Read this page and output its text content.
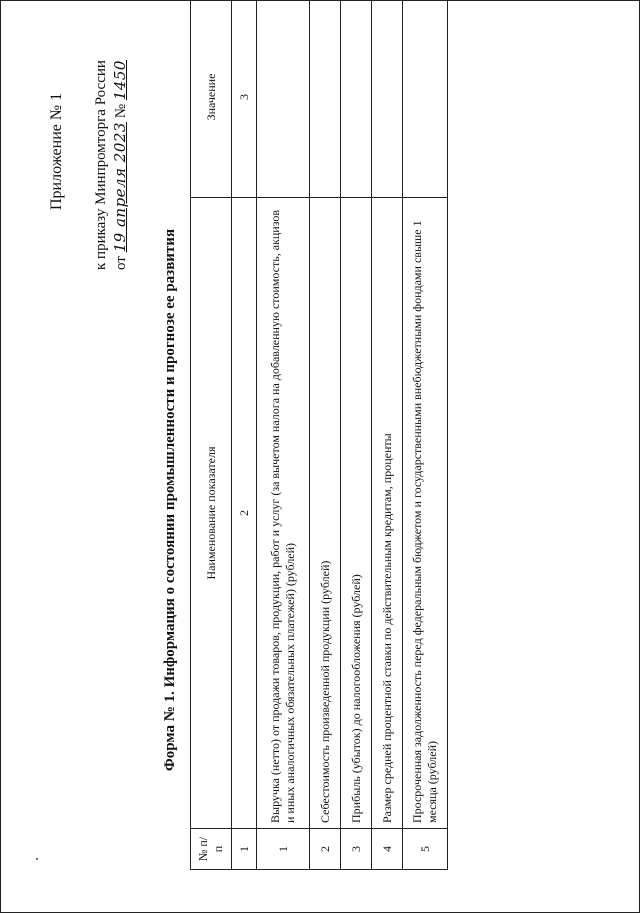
Приложение № 1 к приказу Минпромторга России от 19 апреля 2023 № 1450
Форма № 1. Информация о состоянии промышленности и прогнозе ее развития
№ п/п	Наименование показателя	Значение
1	2	3
1	Выручка (нетто) от продажи товаров, продукции, работ и услуг (за вычетом налога на добавленную стоимость, акцизов и иных аналогичных обязательных платежей) (рублей)	
2	Себестоимость произведенной продукции (рублей)	
3	Прибыль (убыток) до налогообложения (рублей)	
4	Размер средней процентной ставки по действительным кредитам, проценты	
5	Просроченная задолженность перед федеральным бюджетом и государственными внебюджетными фондами свыше 1 месяца (рублей)	
